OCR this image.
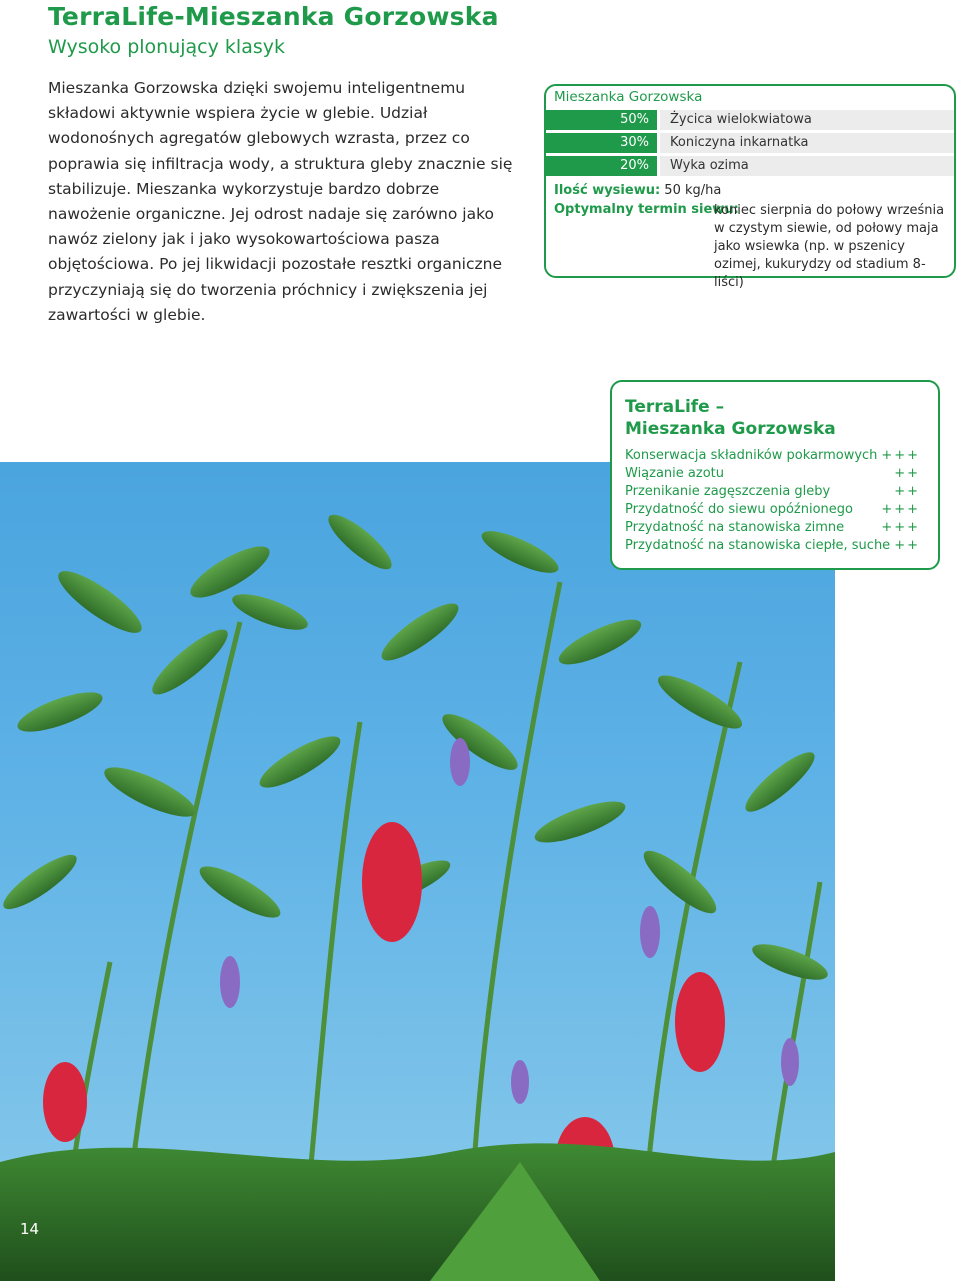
TerraLife-Mieszanka Gorzowska
Wysoko plonujący klasyk
Mieszanka Gorzowska dzięki swojemu inteligentnemu składowi aktywnie wspiera życie w glebie. Udział wodonośnych agregatów glebowych wzrasta, przez co poprawia się infiltracja wody, a struktura gleby znacznie się stabilizuje. Mieszanka wykorzystuje bardzo dobrze nawożenie organiczne. Jej odrost nadaje się zarówno jako nawóz zielony jak i jako wysokowartościowa pasza objętościowa. Po jej likwidacji pozostałe resztki organiczne przyczyniają się do tworzenia próchnicy i zwiększenia jej zawartości w glebie.
Mieszanka Gorzowska
50%	Życica wielokwiatowa
30%	Koniczyna inkarnatka
20%	Wyka ozima
Ilość wysiewu: 50 kg/ha
Optymalny termin siewu:
koniec sierpnia do połowy września
w czystym siewie, od połowy maja jako wsiewka (np. w pszenicy ozimej, kukurydzy od stadium 8-liści)
14
TerraLife –
Mieszanka Gorzowska
Konserwacja składników pokarmowych +++
Wiązanie azotu	++
Przenikanie zagęszczenia gleby	++
Przydatność do siewu opóźnionego +++
Przydatność na stanowiska zimne	+++
Przydatność na stanowiska ciepłe, suche ++
